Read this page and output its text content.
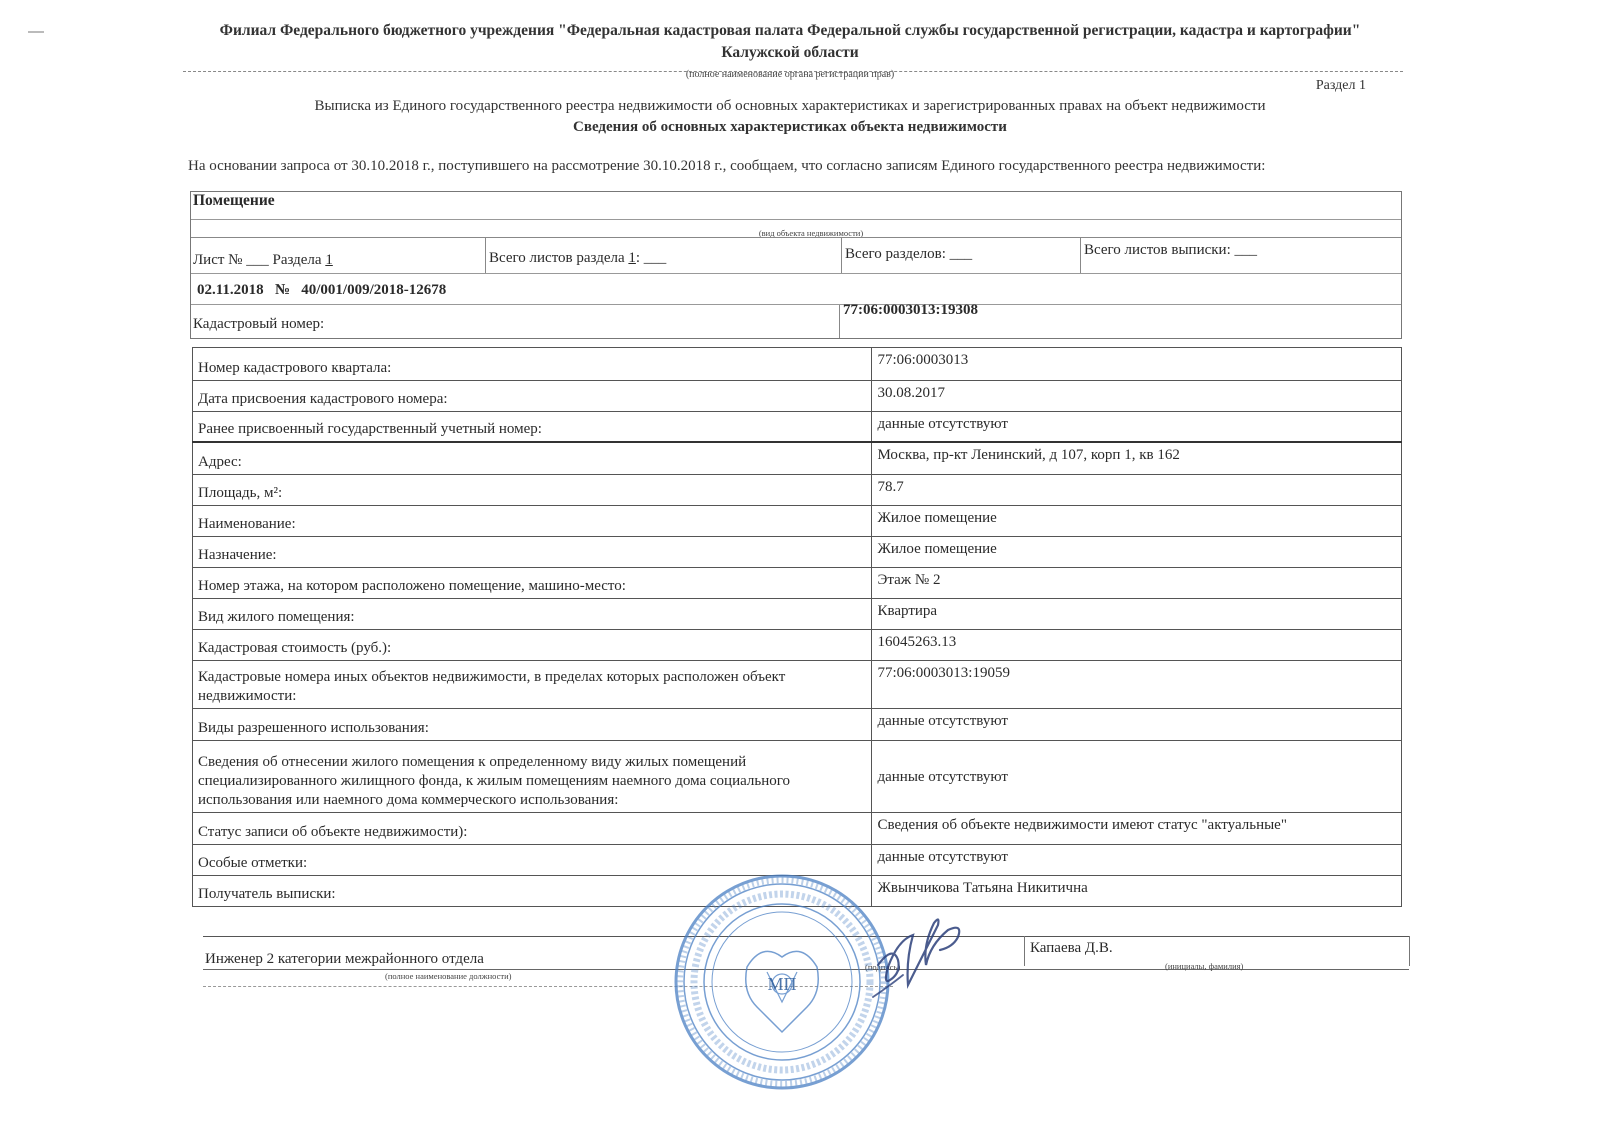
Филиал Федерального бюджетного учреждения "Федеральная кадастровая палата Федеральной службы государственной регистрации, кадастра и картографии" Калужской области
(полное наименование органа регистрации прав)
Раздел 1
Выписка из Единого государственного реестра недвижимости об основных характеристиках и зарегистрированных правах на объект недвижимости
Сведения об основных характеристиках объекта недвижимости
На основании запроса от 30.10.2018 г., поступившего на рассмотрение 30.10.2018 г., сообщаем, что согласно записям Единого государственного реестра недвижимости:
Помещение
(вид объекта недвижимости)
Лист № ___ Раздела 1	Всего листов раздела 1: ___	Всего разделов: ___	Всего листов выписки: ___
02.11.2018 № 40/001/009/2018-12678
Кадастровый номер:
77:06:0003013:19308
Номер кадастрового квартала:	77:06:0003013
Дата присвоения кадастрового номера:	30.08.2017
Ранее присвоенный государственный учетный номер:	данные отсутствуют
Адрес:	Москва, пр-кт Ленинский, д 107, корп 1, кв 162
Площадь, м²:	78.7
Наименование:	Жилое помещение
Назначение:	Жилое помещение
Номер этажа, на котором расположено помещение, машино-место:	Этаж № 2
Вид жилого помещения:	Квартира
Кадастровая стоимость (руб.):	16045263.13
Кадастровые номера иных объектов недвижимости, в пределах которых расположен объект недвижимости:	77:06:0003013:19059
Виды разрешенного использования:	данные отсутствуют
Сведения об отнесении жилого помещения к определенному виду жилых помещений специализированного жилищного фонда, к жилым помещениям наемного дома социального использования или наемного дома коммерческого использования:	данные отсутствуют
Статус записи об объекте недвижимости):	Сведения об объекте недвижимости имеют статус "актуальные"
Особые отметки:	данные отсутствуют
Получатель выписки:	Жвынчикова Татьяна Никитична
Инженер 2 категории межрайонного отдела
Капаева Д.В.
(полное наименование должности)
(подпись)	(инициалы, фамилия)
МП
